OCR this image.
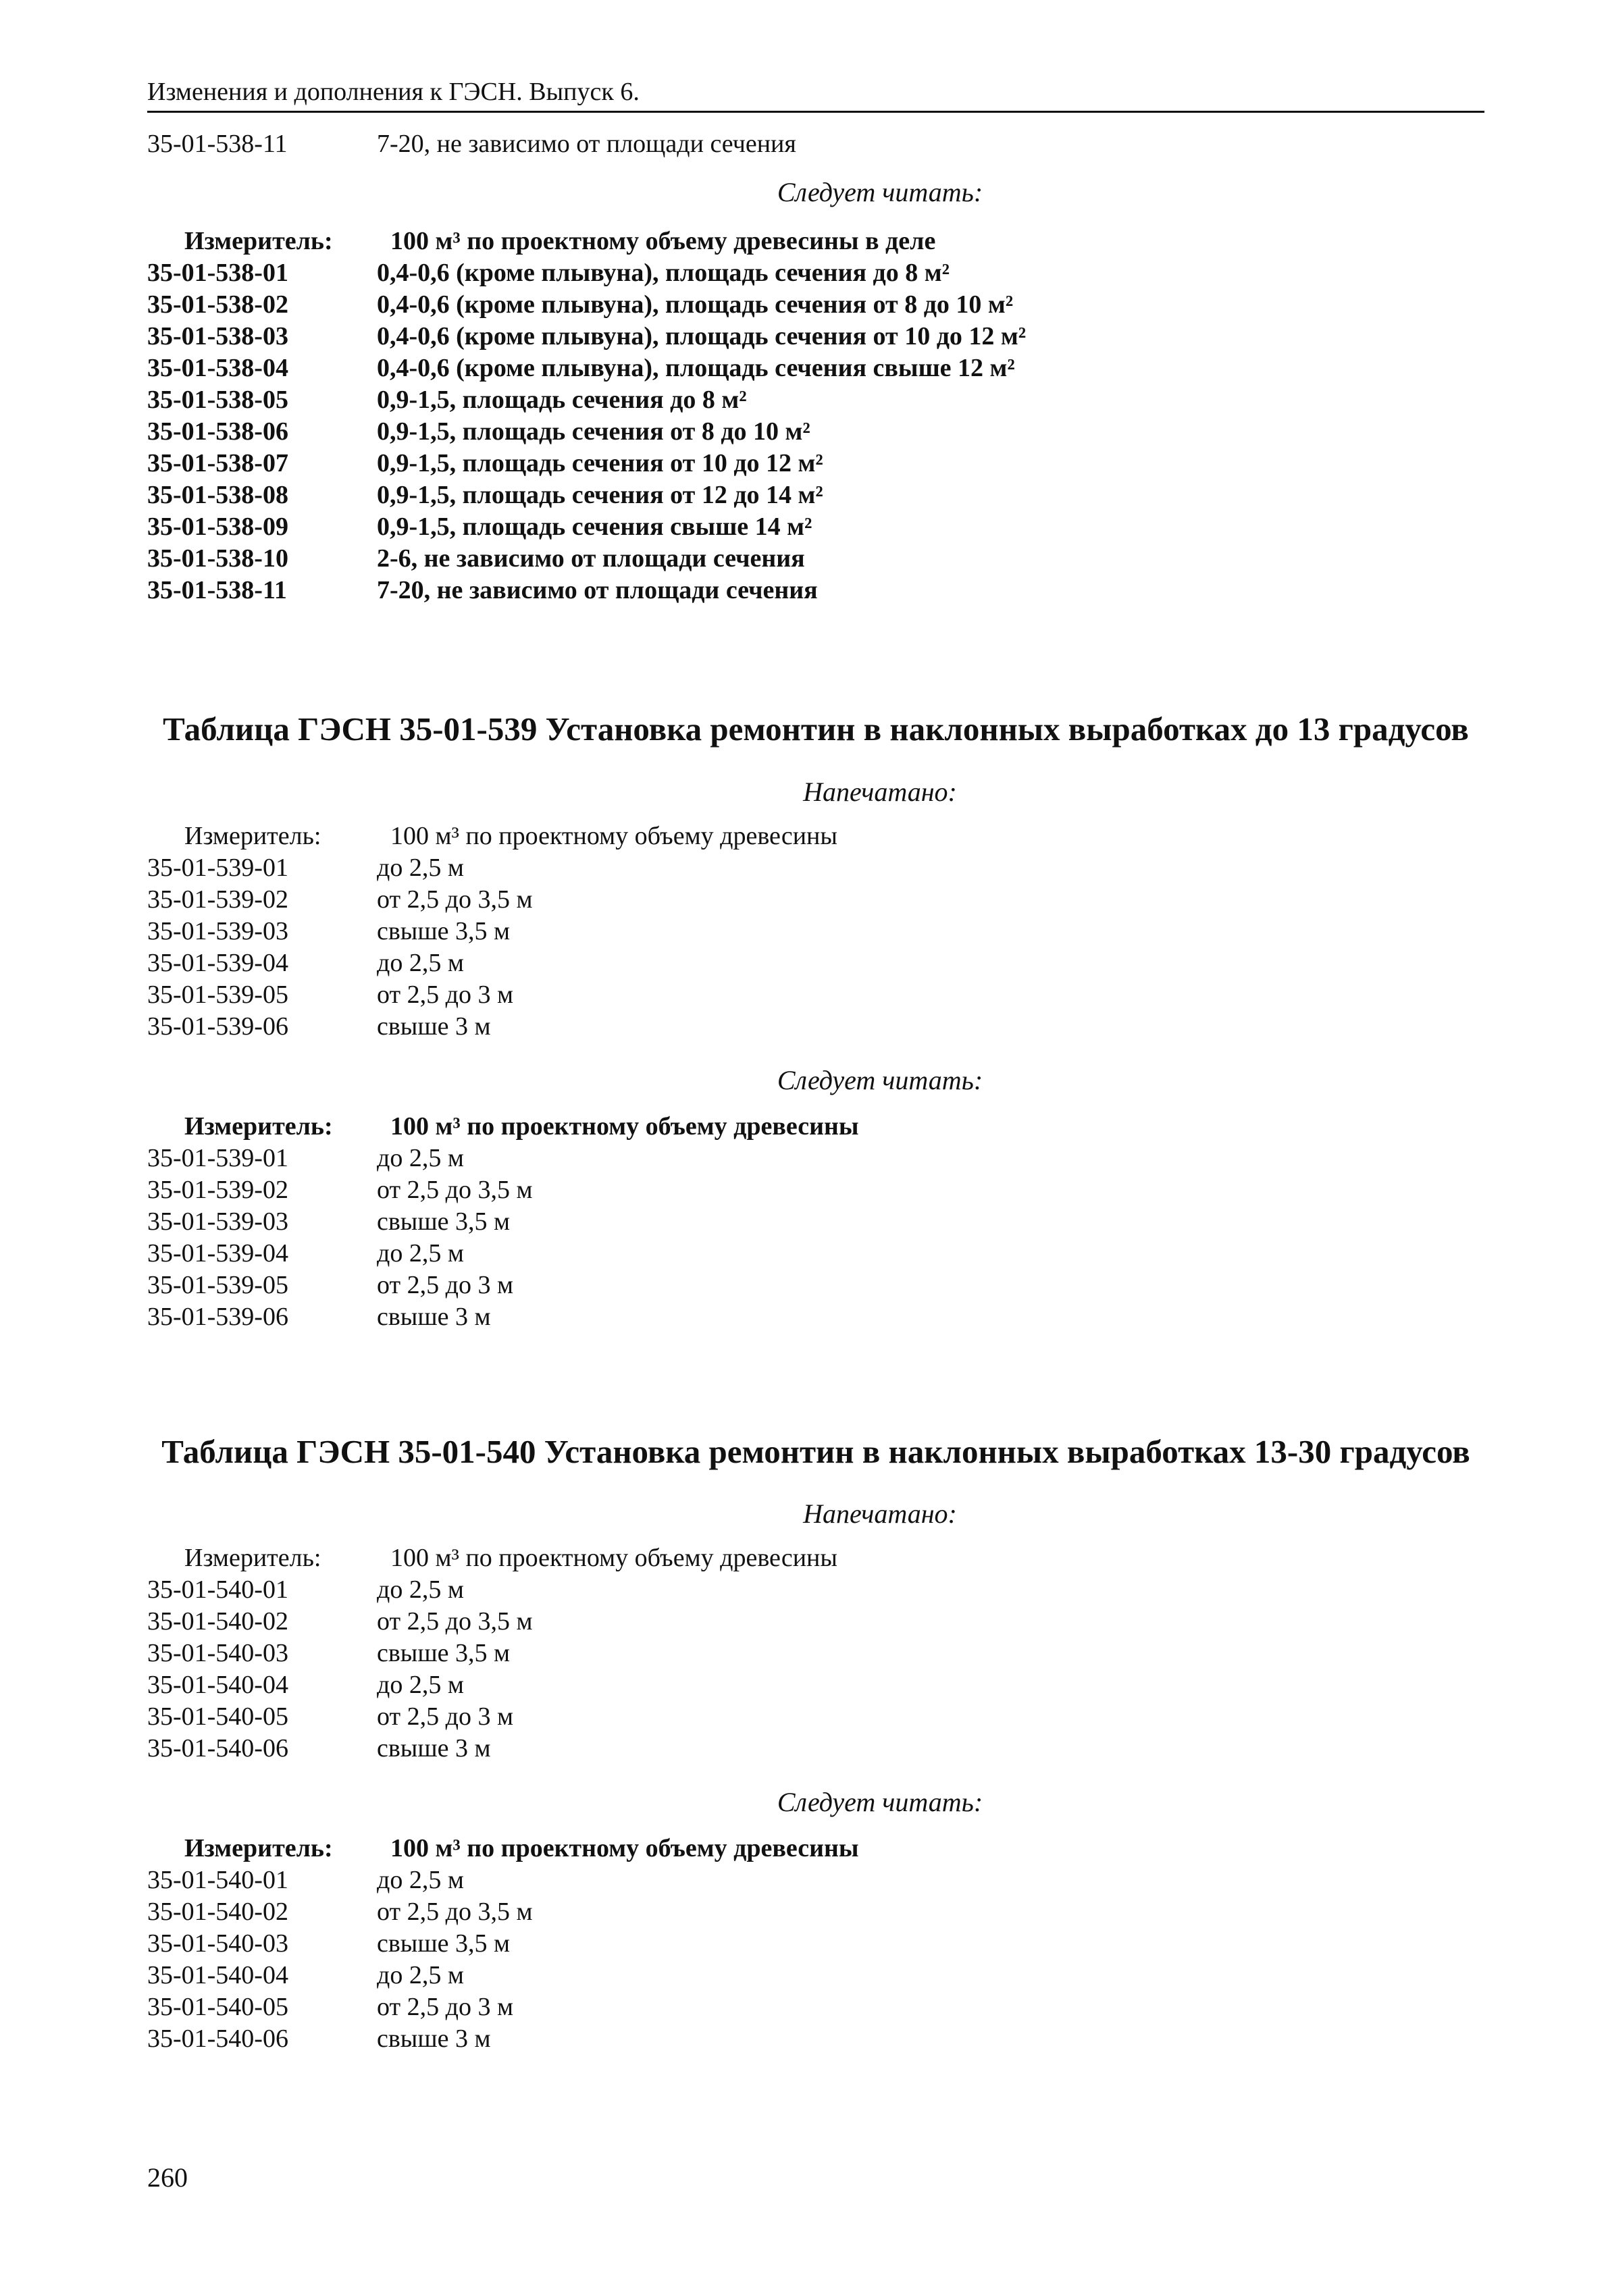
Изменения и дополнения к ГЭСН. Выпуск 6.
35-01-538-11	7-20, не зависимо от площади сечения
Следует читать:
Измеритель:	100 м³ по проектному объему древесины в деле
35-01-538-01	0,4-0,6 (кроме плывуна), площадь сечения до 8 м²
35-01-538-02	0,4-0,6 (кроме плывуна), площадь сечения от 8 до 10 м²
35-01-538-03	0,4-0,6 (кроме плывуна), площадь сечения от 10 до 12 м²
35-01-538-04	0,4-0,6 (кроме плывуна), площадь сечения свыше 12 м²
35-01-538-05	0,9-1,5, площадь сечения до 8 м²
35-01-538-06	0,9-1,5, площадь сечения от 8 до 10 м²
35-01-538-07	0,9-1,5, площадь сечения от 10 до 12 м²
35-01-538-08	0,9-1,5, площадь сечения от 12 до 14 м²
35-01-538-09	0,9-1,5, площадь сечения свыше 14 м²
35-01-538-10	2-6, не зависимо от площади сечения
35-01-538-11	7-20, не зависимо от площади сечения
Таблица ГЭСН 35-01-539 Установка ремонтин в наклонных выработках до 13 градусов
Напечатано:
Измеритель:	100 м³ по проектному объему древесины
35-01-539-01	до 2,5 м
35-01-539-02	от 2,5 до 3,5 м
35-01-539-03	свыше 3,5 м
35-01-539-04	до 2,5 м
35-01-539-05	от 2,5 до 3 м
35-01-539-06	свыше 3 м
Следует читать:
Измеритель:	100 м³ по проектному объему древесины
35-01-539-01	до 2,5 м
35-01-539-02	от 2,5 до 3,5 м
35-01-539-03	свыше 3,5 м
35-01-539-04	до 2,5 м
35-01-539-05	от 2,5 до 3 м
35-01-539-06	свыше 3 м
Таблица ГЭСН 35-01-540 Установка ремонтин в наклонных выработках 13-30 градусов
Напечатано:
Измеритель:	100 м³ по проектному объему древесины
35-01-540-01	до 2,5 м
35-01-540-02	от 2,5 до 3,5 м
35-01-540-03	свыше 3,5 м
35-01-540-04	до 2,5 м
35-01-540-05	от 2,5 до 3 м
35-01-540-06	свыше 3 м
Следует читать:
Измеритель:	100 м³ по проектному объему древесины
35-01-540-01	до 2,5 м
35-01-540-02	от 2,5 до 3,5 м
35-01-540-03	свыше 3,5 м
35-01-540-04	до 2,5 м
35-01-540-05	от 2,5 до 3 м
35-01-540-06	свыше 3 м
260
